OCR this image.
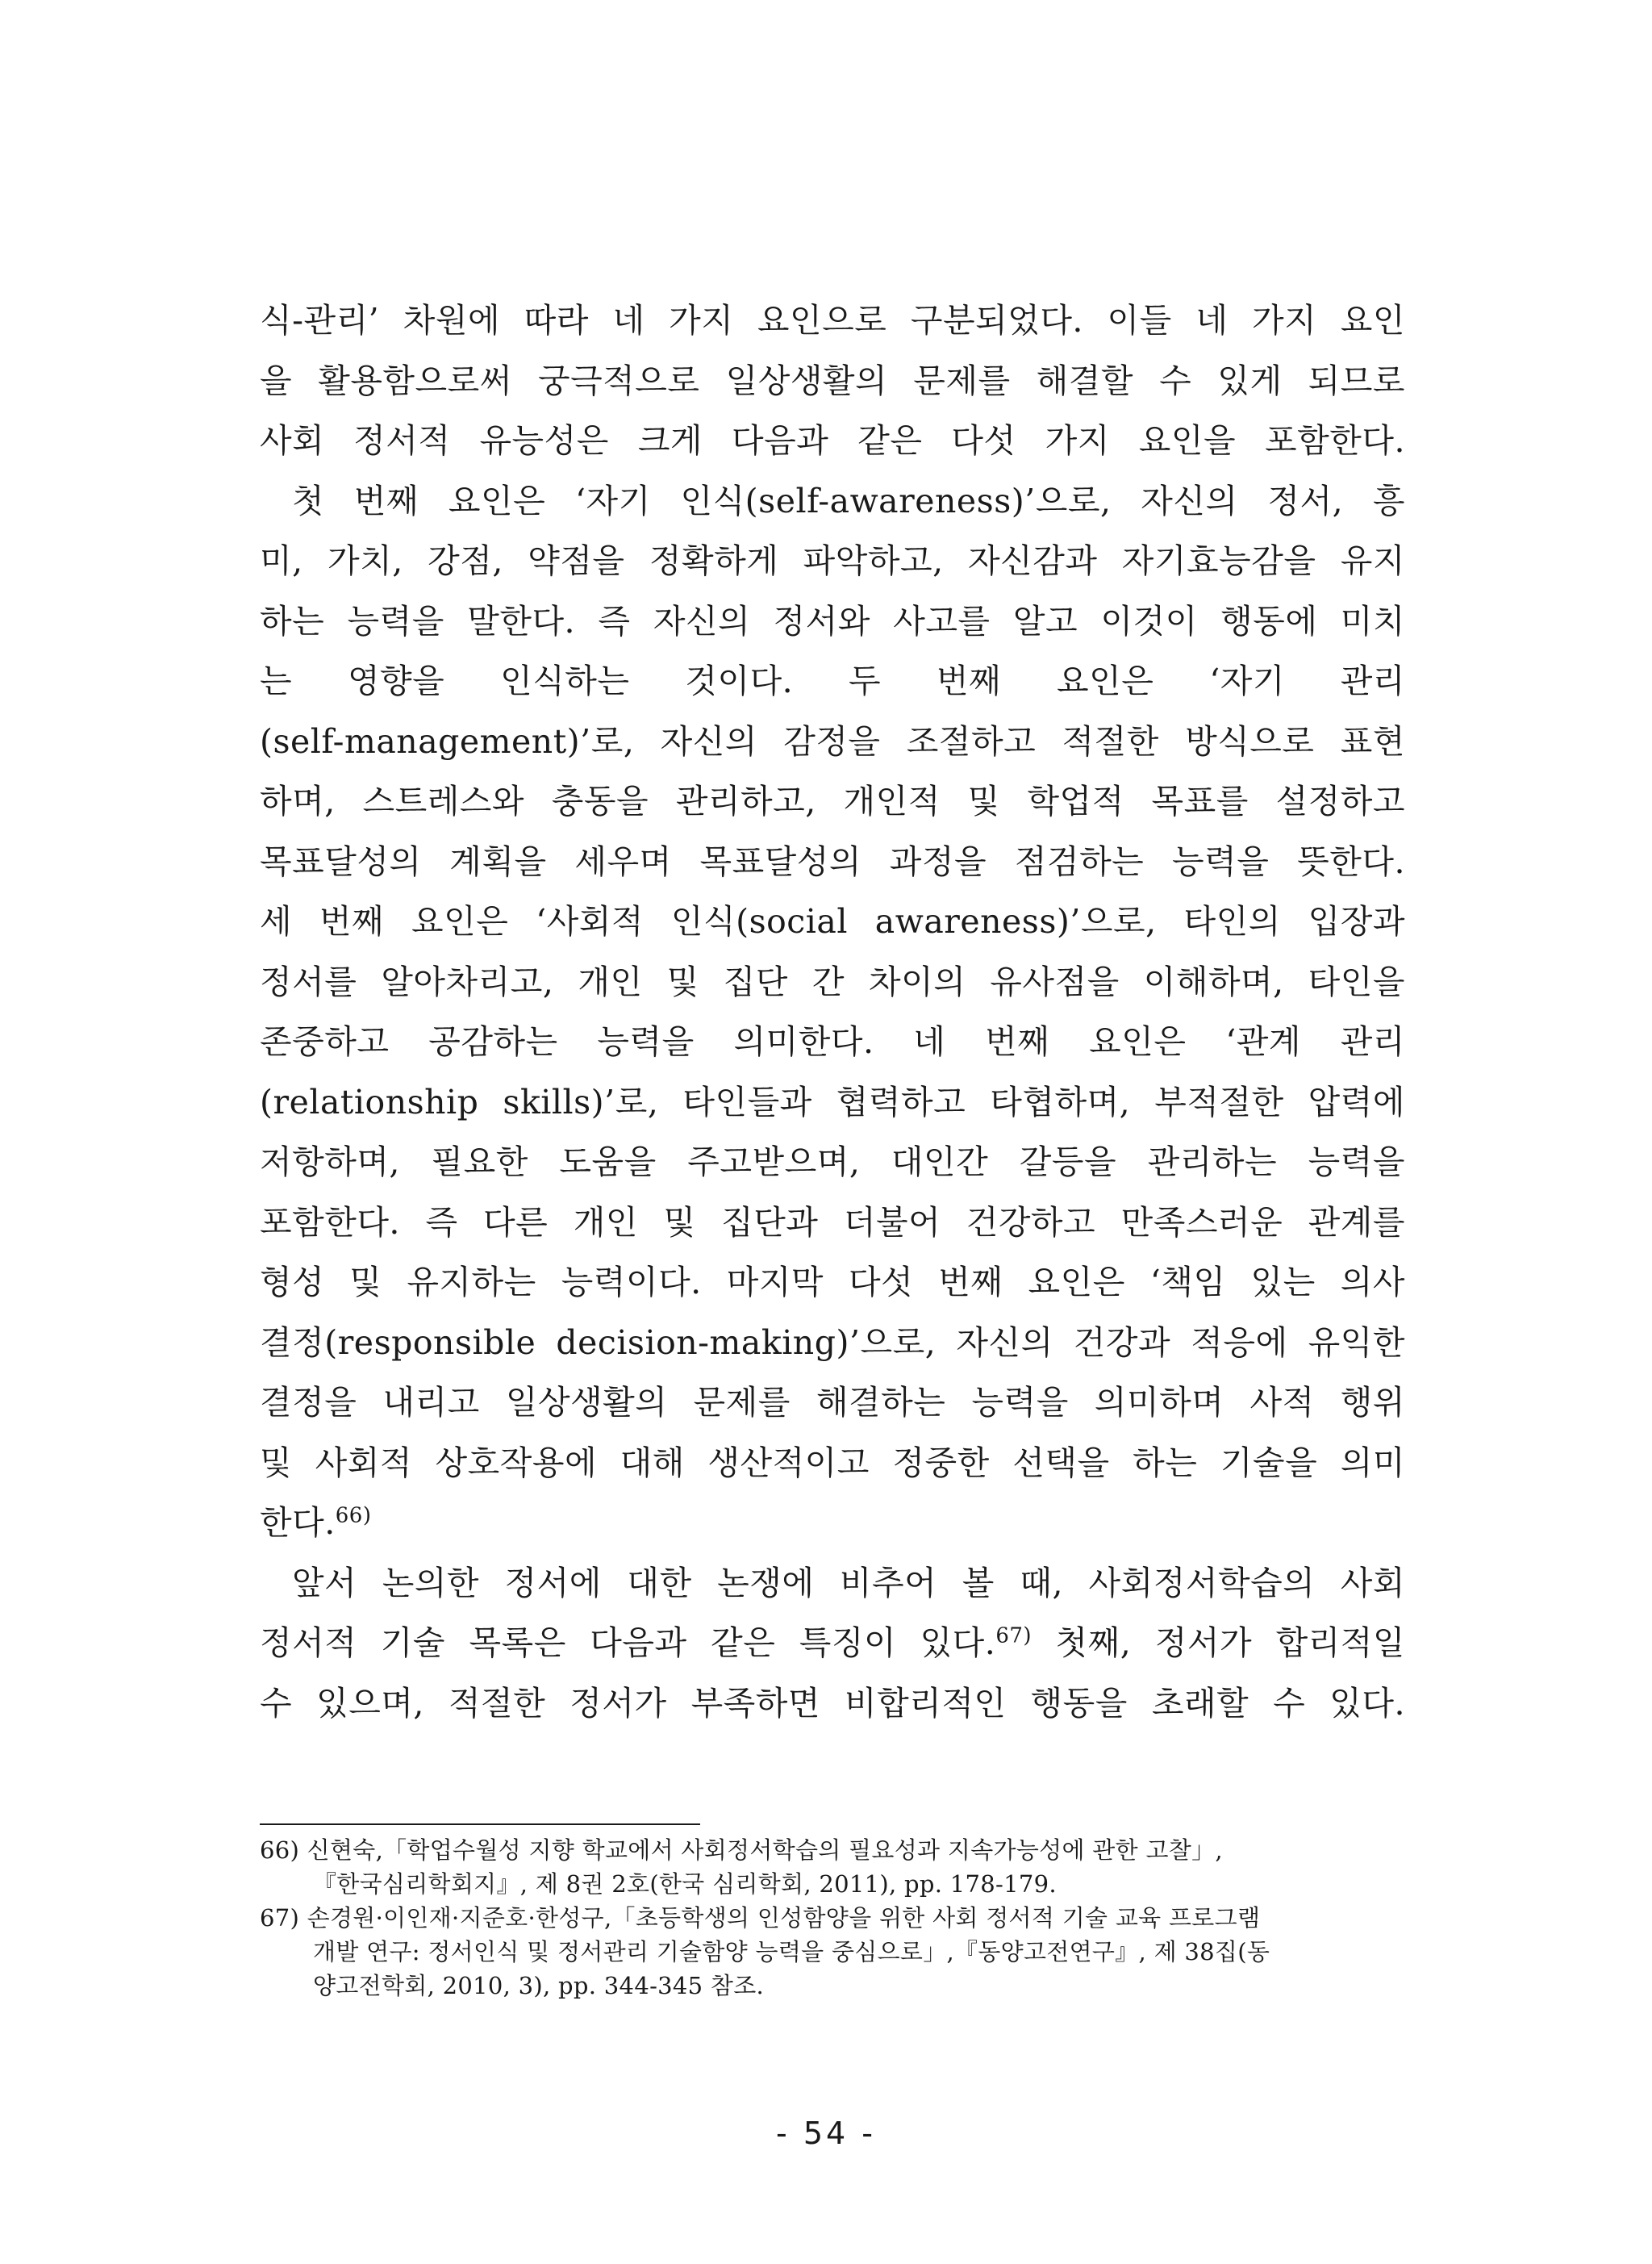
식-관리’ 차원에 따라 네 가지 요인으로 구분되었다. 이들 네 가지 요인
을 활용함으로써 궁극적으로 일상생활의 문제를 해결할 수 있게 되므로
사회 정서적 유능성은 크게 다음과 같은 다섯 가지 요인을 포함한다.
첫 번째 요인은 ‘자기 인식(self-awareness)’으로, 자신의 정서, 흥
미, 가치, 강점, 약점을 정확하게 파악하고, 자신감과 자기효능감을 유지
하는 능력을 말한다. 즉 자신의 정서와 사고를 알고 이것이 행동에 미치
는 영향을 인식하는 것이다. 두 번째 요인은 ‘자기 관리
(self-management)’로, 자신의 감정을 조절하고 적절한 방식으로 표현
하며, 스트레스와 충동을 관리하고, 개인적 및 학업적 목표를 설정하고
목표달성의 계획을 세우며 목표달성의 과정을 점검하는 능력을 뜻한다.
세 번째 요인은 ‘사회적 인식(social awareness)’으로, 타인의 입장과
정서를 알아차리고, 개인 및 집단 간 차이의 유사점을 이해하며, 타인을
존중하고 공감하는 능력을 의미한다. 네 번째 요인은 ‘관계 관리
(relationship skills)’로, 타인들과 협력하고 타협하며, 부적절한 압력에
저항하며, 필요한 도움을 주고받으며, 대인간 갈등을 관리하는 능력을
포함한다. 즉 다른 개인 및 집단과 더불어 건강하고 만족스러운 관계를
형성 및 유지하는 능력이다. 마지막 다섯 번째 요인은 ‘책임 있는 의사
결정(responsible decision-making)’으로, 자신의 건강과 적응에 유익한
결정을 내리고 일상생활의 문제를 해결하는 능력을 의미하며 사적 행위
및 사회적 상호작용에 대해 생산적이고 정중한 선택을 하는 기술을 의미
한다.$^{66)}$
앞서 논의한 정서에 대한 논쟁에 비추어 볼 때, 사회정서학습의 사회
정서적 기술 목록은 다음과 같은 특징이 있다.$^{67)}$ 첫째, 정서가 합리적일
수 있으며, 적절한 정서가 부족하면 비합리적인 행동을 초래할 수 있다.
66) 신현숙,「학업수월성 지향 학교에서 사회정서학습의 필요성과 지속가능성에 관한 고찰」,
『한국심리학회지』, 제 8권 2호(한국 심리학회, 2011), pp. 178-179.
67) 손경원·이인재·지준호·한성구,「초등학생의 인성함양을 위한 사회 정서적 기술 교육 프로그램
개발 연구: 정서인식 및 정서관리 기술함양 능력을 중심으로」,『동양고전연구』, 제 38집(동
양고전학회, 2010, 3), pp. 344-345 참조.
- 54 -
